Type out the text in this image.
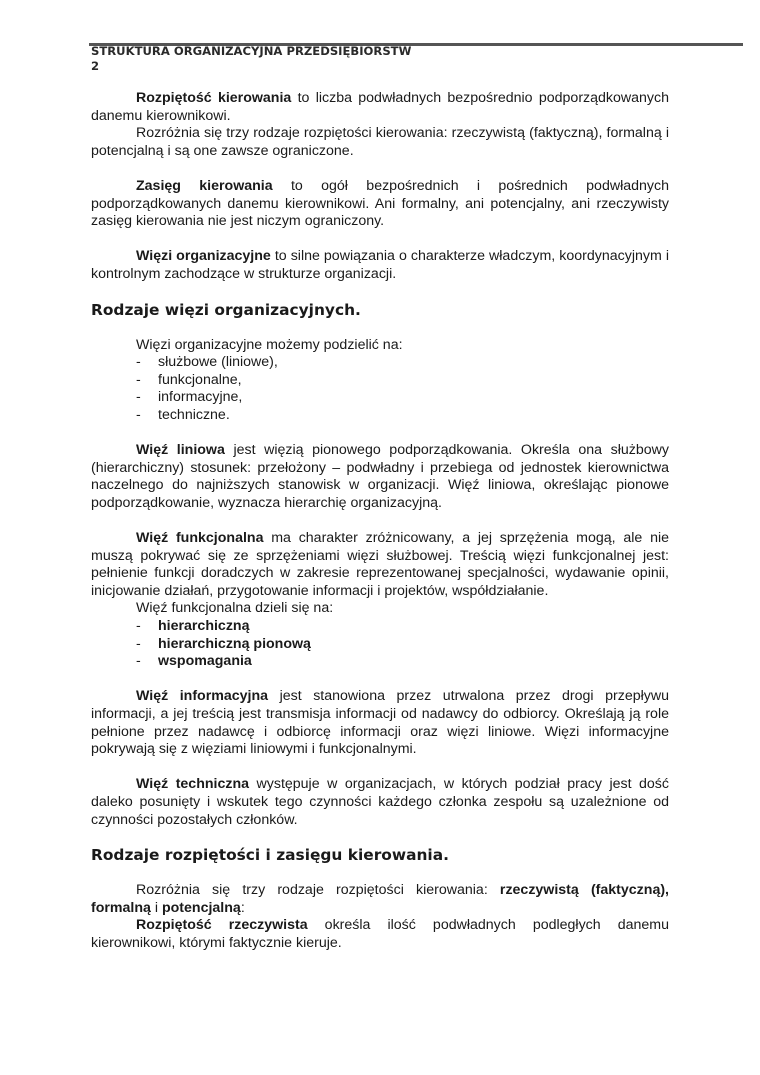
STRUKTURA ORGANIZACYJNA PRZEDSIĘBIORSTW
2

Rozpiętość kierowania to liczba podwładnych bezpośrednio podporządkowanych danemu kierownikowi.

Rozróżnia się trzy rodzaje rozpiętości kierowania: rzeczywistą (faktyczną), formalną i potencjalną i są one zawsze ograniczone.

Zasięg kierowania to ogół bezpośrednich i pośrednich podwładnych podporządkowanych danemu kierownikowi. Ani formalny, ani potencjalny, ani rzeczywisty zasięg kierowania nie jest niczym ograniczony.

Więzi organizacyjne to silne powiązania o charakterze władczym, koordynacyjnym i kontrolnym zachodzące w strukturze organizacji.

Rodzaje więzi organizacyjnych.

Więzi organizacyjne możemy podzielić na:

- służbowe (liniowe),
- funkcjonalne,
- informacyjne,
- techniczne.

Więź liniowa jest więzią pionowego podporządkowania. Określa ona służbowy (hierarchiczny) stosunek: przełożony – podwładny i przebiega od jednostek kierownictwa naczelnego do najniższych stanowisk w organizacji. Więź liniowa, określając pionowe podporządkowanie, wyznacza hierarchię organizacyjną.

Więź funkcjonalna ma charakter zróżnicowany, a jej sprzężenia mogą, ale nie muszą pokrywać się ze sprzężeniami więzi służbowej. Treścią więzi funkcjonalnej jest: pełnienie funkcji doradczych w zakresie reprezentowanej specjalności, wydawanie opinii, inicjowanie działań, przygotowanie informacji i projektów, współdziałanie.

Więź funkcjonalna dzieli się na:

- hierarchiczną
- hierarchiczną pionową
- wspomagania

Więź informacyjna jest stanowiona przez utrwalona przez drogi przepływu informacji, a jej treścią jest transmisja informacji od nadawcy do odbiorcy. Określają ją role pełnione przez nadawcę i odbiorcę informacji oraz więzi liniowe. Więzi informacyjne pokrywają się z więziami liniowymi i funkcjonalnymi.

Więź techniczna występuje w organizacjach, w których podział pracy jest dość daleko posunięty i wskutek tego czynności każdego członka zespołu są uzależnione od czynności pozostałych członków.

Rodzaje rozpiętości i zasięgu kierowania.

Rozróżnia się trzy rodzaje rozpiętości kierowania: rzeczywistą (faktyczną), formalną i potencjalną:

Rozpiętość rzeczywista określa ilość podwładnych podległych danemu kierownikowi, którymi faktycznie kieruje.
